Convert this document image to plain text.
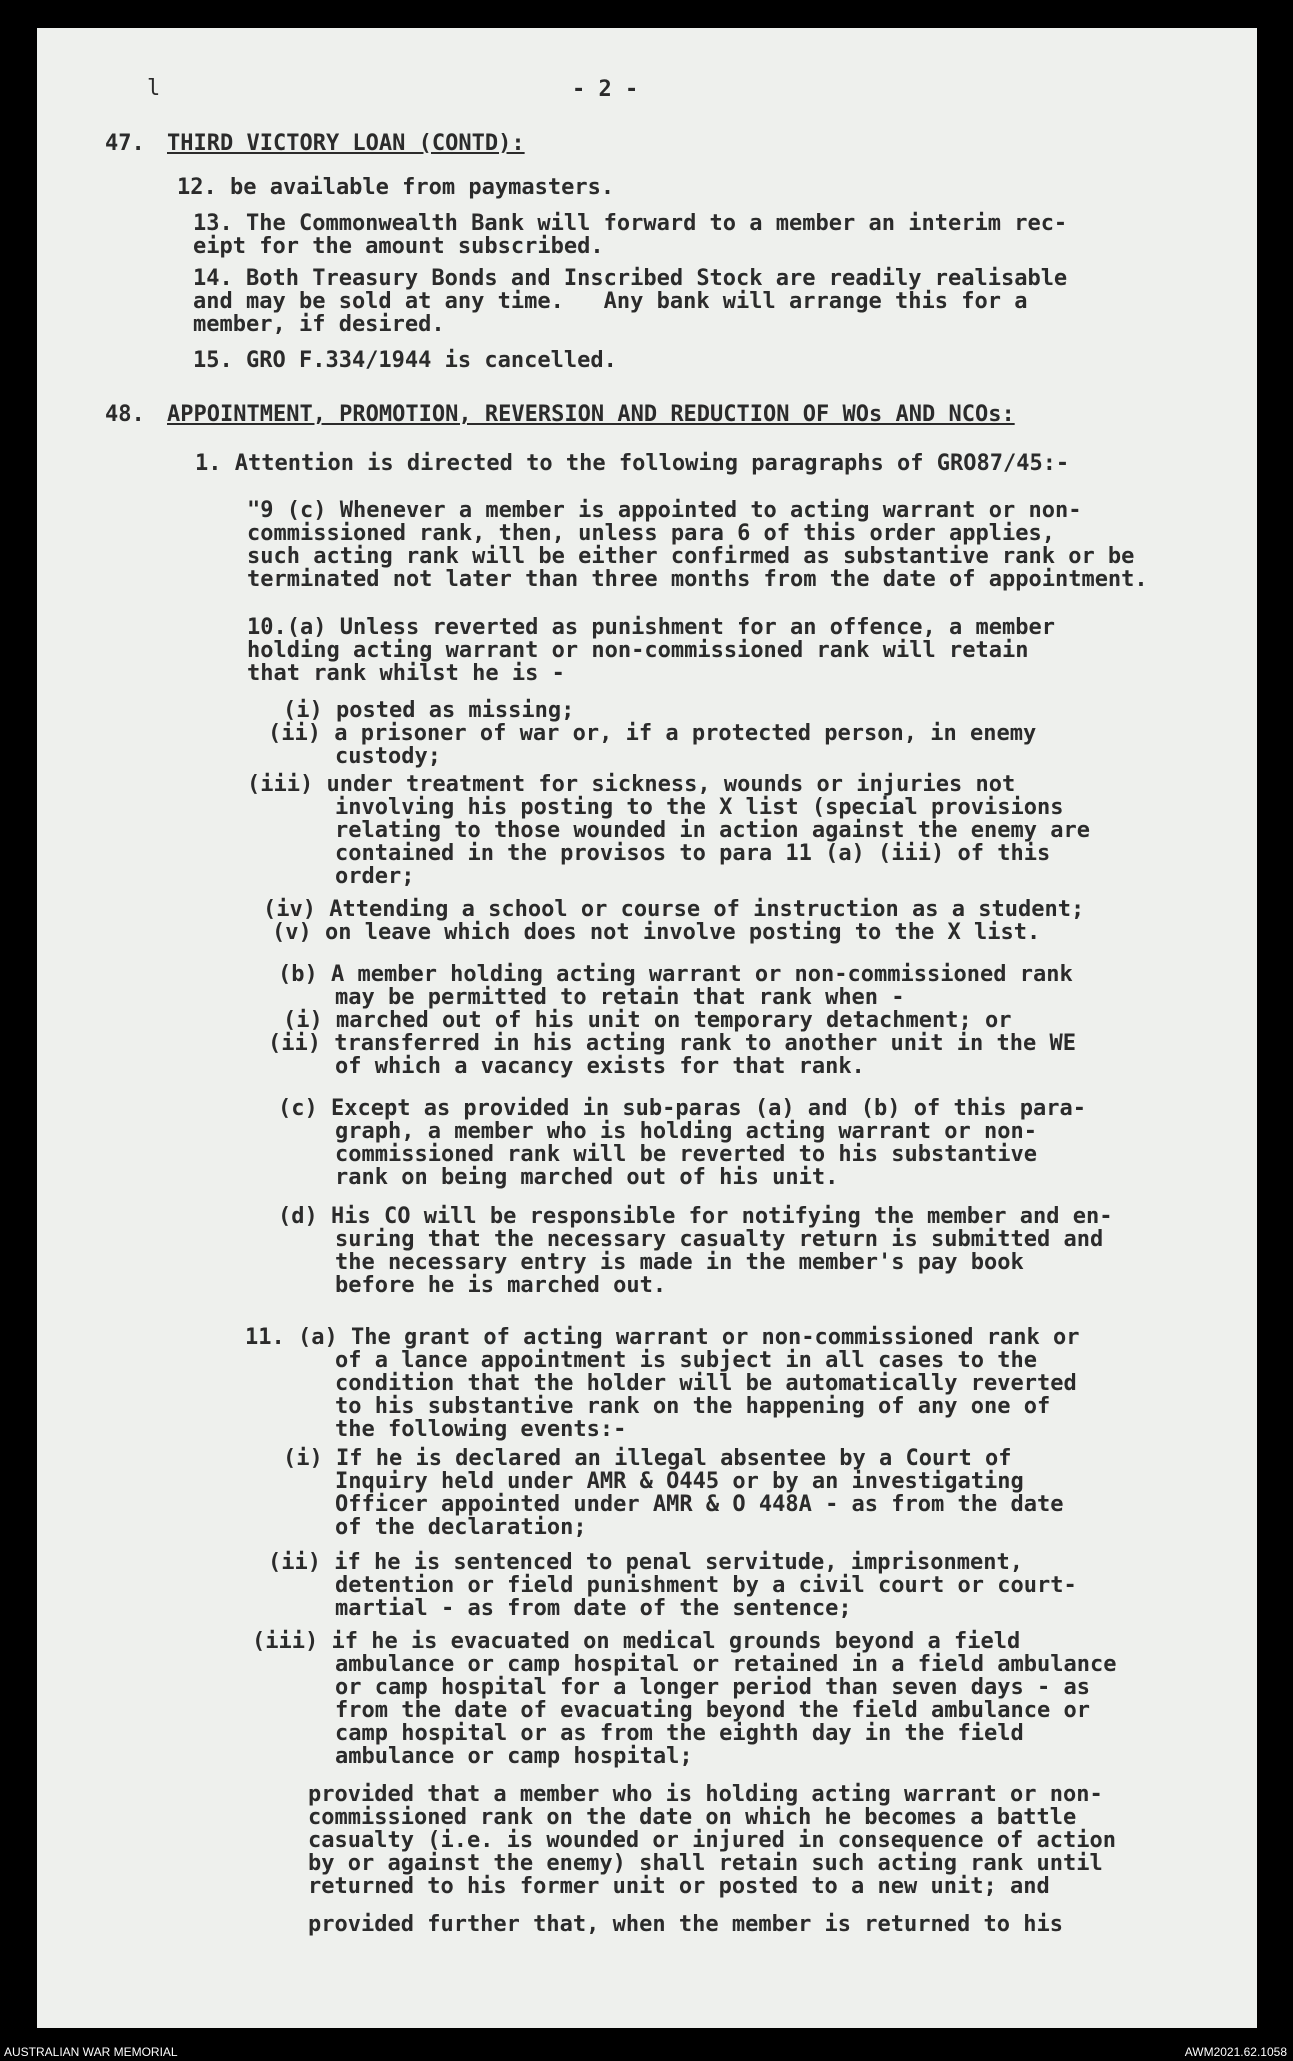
l	- 2 -
47. THIRD VICTORY LOAN (CONTD):
12. be available from paymasters.
13. The Commonwealth Bank will forward to a member an interim rec-
eipt for the amount subscribed.
14. Both Treasury Bonds and Inscribed Stock are readily realisable
and may be sold at any time.   Any bank will arrange this for a
member, if desired.
15. GRO F.334/1944 is cancelled.
48. APPOINTMENT, PROMOTION, REVERSION AND REDUCTION OF WOs AND NCOs:
1. Attention is directed to the following paragraphs of GRO87/45:-
"9 (c) Whenever a member is appointed to acting warrant or non-
commissioned rank, then, unless para 6 of this order applies,
such acting rank will be either confirmed as substantive rank or be
terminated not later than three months from the date of appointment.
10.(a) Unless reverted as punishment for an offence, a member
holding acting warrant or non-commissioned rank will retain
that rank whilst he is -
(i) posted as missing;
(ii) a prisoner of war or, if a protected person, in enemy
custody;
(iii) under treatment for sickness, wounds or injuries not
involving his posting to the X list (special provisions
relating to those wounded in action against the enemy are
contained in the provisos to para 11 (a) (iii) of this
order;
(iv) Attending a school or course of instruction as a student;
(v) on leave which does not involve posting to the X list.
(b) A member holding acting warrant or non-commissioned rank
may be permitted to retain that rank when -
(i) marched out of his unit on temporary detachment; or
(ii) transferred in his acting rank to another unit in the WE
of which a vacancy exists for that rank.
(c) Except as provided in sub-paras (a) and (b) of this para-
graph, a member who is holding acting warrant or non-
commissioned rank will be reverted to his substantive
rank on being marched out of his unit.
(d) His CO will be responsible for notifying the member and en-
suring that the necessary casualty return is submitted and
the necessary entry is made in the member's pay book
before he is marched out.
11. (a) The grant of acting warrant or non-commissioned rank or
of a lance appointment is subject in all cases to the
condition that the holder will be automatically reverted
to his substantive rank on the happening of any one of
the following events:-
(i) If he is declared an illegal absentee by a Court of
Inquiry held under AMR & O445 or by an investigating
Officer appointed under AMR & O 448A - as from the date
of the declaration;
(ii) if he is sentenced to penal servitude, imprisonment,
detention or field punishment by a civil court or court-
martial - as from date of the sentence;
(iii) if he is evacuated on medical grounds beyond a field
ambulance or camp hospital or retained in a field ambulance
or camp hospital for a longer period than seven days - as
from the date of evacuating beyond the field ambulance or
camp hospital or as from the eighth day in the field
ambulance or camp hospital;
provided that a member who is holding acting warrant or non-
commissioned rank on the date on which he becomes a battle
casualty (i.e. is wounded or injured in consequence of action
by or against the enemy) shall retain such acting rank until
returned to his former unit or posted to a new unit; and
provided further that, when the member is returned to his
AUSTRALIAN WAR MEMORIAL	AWM2021.62.1058
